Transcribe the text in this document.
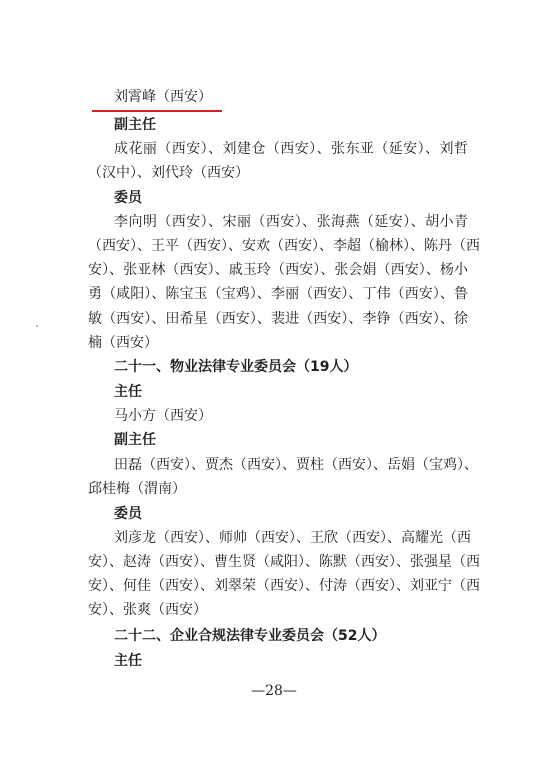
刘霄峰（西安）
副主任
成花丽（西安）、刘建仓（西安）、张东亚（延安）、刘哲
（汉中）、刘代玲（西安）
委员
李向明（西安）、宋丽（西安）、张海燕（延安）、胡小青
（西安）、王平（西安）、安欢（西安）、李超（榆林）、陈丹（西
安）、张亚林（西安）、戚玉玲（西安）、张会娟（西安）、杨小
勇（咸阳）、陈宝玉（宝鸡）、李丽（西安）、丁伟（西安）、鲁
敏（西安）、田希星（西安）、裴进（西安）、李铮（西安）、徐
楠（西安）
二十一、物业法律专业委员会（19人）
主任
马小方（西安）
副主任
田磊（西安）、贾杰（西安）、贾柱（西安）、岳娟（宝鸡）、
邱桂梅（渭南）
委员
刘彦龙（西安）、师帅（西安）、王欣（西安）、高耀光（西
安）、赵涛（西安）、曹生贤（咸阳）、陈默（西安）、张强星（西
安）、何佳（西安）、刘翠荣（西安）、付涛（西安）、刘亚宁（西
安）、张爽（西安）
二十二、企业合规法律专业委员会（52人）
主任
—28—
